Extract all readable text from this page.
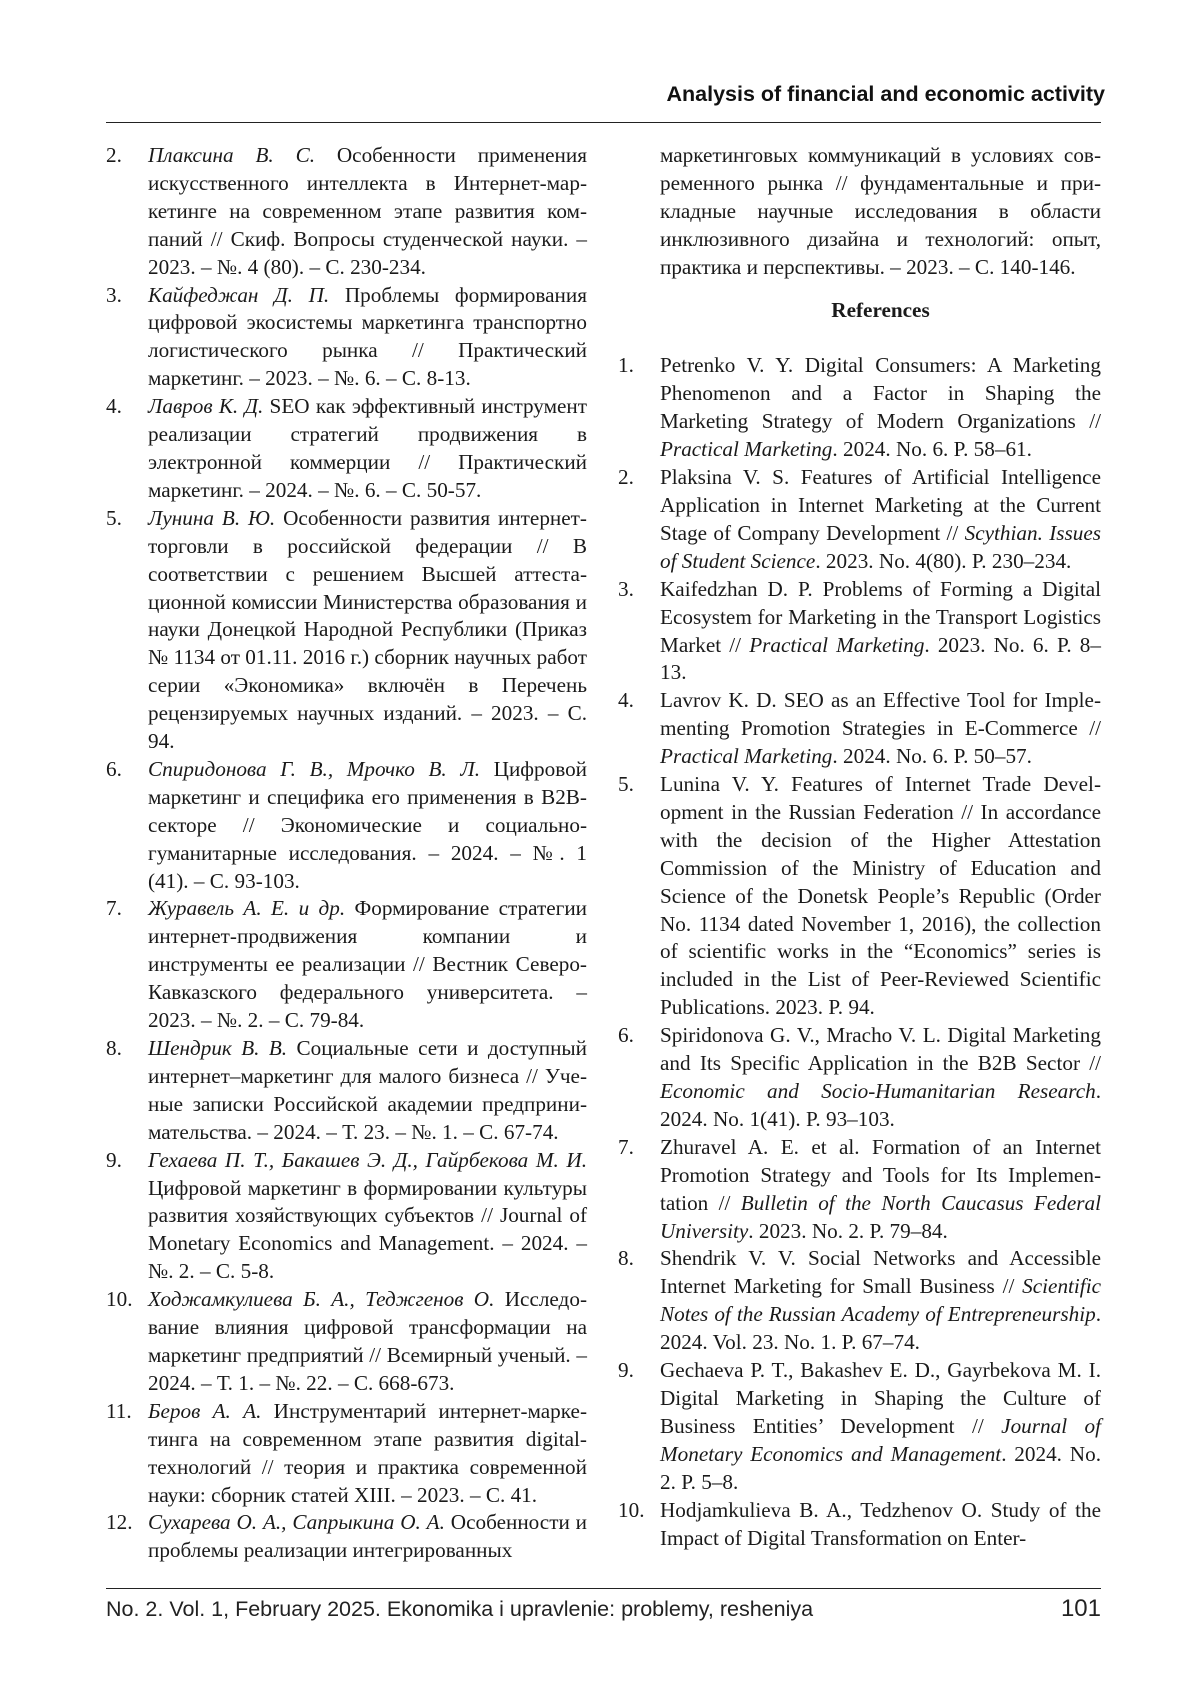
Analysis of financial and economic activity
2.	Плаксина В. С. Особенности применения искусственного интеллекта в Интернет-маркетинге на современном этапе развития компаний // Скиф. Вопросы студенческой науки. – 2023. – №. 4 (80). – С. 230-234.
3.	Кайфеджан Д. П. Проблемы формирования цифровой экосистемы маркетинга транспортно логистического рынка // Практический маркетинг. – 2023. – №. 6. – С. 8-13.
4.	Лавров К. Д. SEO как эффективный инструмент реализации стратегий продвижения в электронной коммерции // Практический маркетинг. – 2024. – №. 6. – С. 50-57.
5.	Лунина В. Ю. Особенности развития интернет-торговли в российской федерации // В соответствии с решением Высшей аттестационной комиссии Министерства образования и науки Донецкой Народной Республики (Приказ № 1134 от 01.11. 2016 г.) сборник научных работ серии «Экономика» включён в Перечень рецензируемых научных изданий. – 2023. – С. 94.
6.	Спиридонова Г. В., Мрочко В. Л. Цифровой маркетинг и специфика его применения в B2B-секторе // Экономические и социально-гуманитарные исследования. – 2024. – №. 1 (41). – С. 93-103.
7.	Журавель А. Е. и др. Формирование стратегии интернет-продвижения компании и инструменты ее реализации // Вестник Северо-Кавказского федерального университета. – 2023. – №. 2. – С. 79-84.
8.	Шендрик В. В. Социальные сети и доступный интернет–маркетинг для малого бизнеса // Ученые записки Российской академии предпринимательства. – 2024. – Т. 23. – №. 1. – С. 67-74.
9.	Гехаева П. Т., Бакашев Э. Д., Гайрбекова М. И. Цифровой маркетинг в формировании культуры развития хозяйствующих субъектов // Journal of Monetary Economics and Management. – 2024. – №. 2. – С. 5-8.
10. Ходжамкулиева Б. А., Теджгенов О. Исследование влияния цифровой трансформации на маркетинг предприятий // Всемирный ученый. – 2024. – Т. 1. – №. 22. – С. 668-673.
11. Беров А. А. Инструментарий интернет-маркетинга на современном этапе развития digital-технологий // теория и практика современной науки: сборник статей XIII. – 2023. – С. 41.
12. Сухарева О. А., Сапрыкина О. А. Особенности и проблемы реализации интегрированных
маркетинговых коммуникаций в условиях современного рынка // фундаментальные и прикладные научные исследования в области инклюзивного дизайна и технологий: опыт, практика и перспективы. – 2023. – С. 140-146.
References
1.	Petrenko V. Y. Digital Consumers: A Marketing Phenomenon and a Factor in Shaping the Marketing Strategy of Modern Organizations // Practical Marketing. 2024. No. 6. P. 58–61.
2.	Plaksina V. S. Features of Artificial Intelligence Application in Internet Marketing at the Current Stage of Company Development // Scythian. Issues of Student Science. 2023. No. 4(80). P. 230–234.
3.	Kaifedzhan D. P. Problems of Forming a Digital Ecosystem for Marketing in the Transport Logistics Market // Practical Marketing. 2023. No. 6. P. 8–13.
4.	Lavrov K. D. SEO as an Effective Tool for Implementing Promotion Strategies in E-Commerce // Practical Marketing. 2024. No. 6. P. 50–57.
5.	Lunina V. Y. Features of Internet Trade Development in the Russian Federation // In accordance with the decision of the Higher Attestation Commission of the Ministry of Education and Science of the Donetsk People’s Republic (Order No. 1134 dated November 1, 2016), the collection of scientific works in the “Economics” series is included in the List of Peer-Reviewed Scientific Publications. 2023. P. 94.
6.	Spiridonova G. V., Mracho V. L. Digital Marketing and Its Specific Application in the B2B Sector // Economic and Socio-Humanitarian Research. 2024. No. 1(41). P. 93–103.
7.	Zhuravel A. E. et al. Formation of an Internet Promotion Strategy and Tools for Its Implementation // Bulletin of the North Caucasus Federal University. 2023. No. 2. P. 79–84.
8.	Shendrik V. V. Social Networks and Accessible Internet Marketing for Small Business // Scientific Notes of the Russian Academy of Entrepreneurship. 2024. Vol. 23. No. 1. P. 67–74.
9.	Gechaeva P. T., Bakashev E. D., Gayrbekova M. I. Digital Marketing in Shaping the Culture of Business Entities’ Development // Journal of Monetary Economics and Management. 2024. No. 2. P. 5–8.
10. Hodjamkulieva B. A., Tedzhenov O. Study of the Impact of Digital Transformation on Enter-
No. 2. Vol. 1, February 2025. Ekonomika i upravlenie: problemy, resheniya	101
